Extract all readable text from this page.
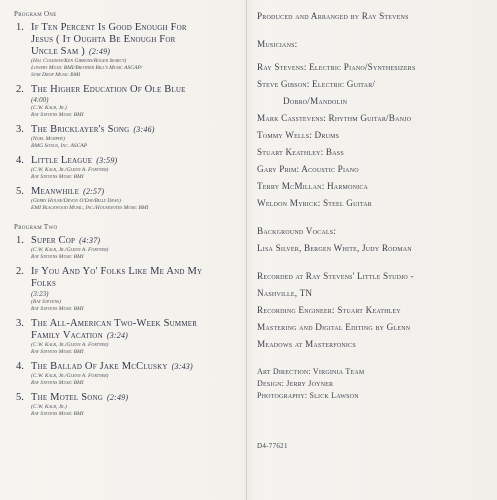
Program One
1. If Ten Percent Is Good Enough For
Jesus ( It Oughta Be Enough For
Uncle Sam ) (2:49)
(Hal Coleman/Ken Gibbons/Roger Searcy)
Lowery Music BMI/Brother Bill's Music ASCAP/
Star Drop Music BMI
2. The Higher Education Of Ole Blue
(4:00)
(C.W. Kalb, Jr.)
Ray Stevens Music BMI
3. The Bricklayer's Song (3:46)
(Noel Murphy)
BMG Songs, Inc. ASCAP
4. Little League (3:59)
(C.W. Kalb, Jr./Glenn A. Fortner)
Ray Stevens Music BMI
5. Meanwhile (2:57)
(Gerry House/Devon O'Day/Billy Dean)
EMI Blackwood Music, Inc./Housenotes Music BMI
Program Two
1. Super Cop (4:37)
(C.W. Kalb, Jr./Glenn A. Fortner)
Ray Stevens Music BMI
2. If You And Yo' Folks Like Me And My
Folks
(3:23)
(Ray Stevens)
Ray Stevens Music BMI
3. The All-American Two-Week Summer
Family Vacation (3:24)
(C.W. Kalb, Jr./Glenn A. Fortner)
Ray Stevens Music BMI
4. The Ballad Of Jake McClusky (3:43)
(C.W. Kalb, Jr./Glenn A. Fortner)
Ray Stevens Music BMI
5. The Motel Song (2:49)
(C.W. Kalb, Jr.)
Ray Stevens Music BMI
Produced and Arranged by Ray Stevens
Musicians:
Ray Stevens: Electric Piano/Synthesizers
Steve Gibson: Electric Guitar/
Dobro/Mandolin
Mark Casstevens: Rhythm Guitar/Banjo
Tommy Wells: Drums
Stuart Keathley: Bass
Gary Prim: Acoustic Piano
Terry McMillan: Harmonica
Weldon Myrick: Steel Guitar
Background Vocals:
Lisa Silver, Bergen White, Judy Rodman
Recorded at Ray Stevens' Little Studio -
Nashville, TN
Recording Engineer: Stuart Keathley
Mastering and Digital Editing by Glenn
Meadows at Masterfonics
Art Direction: Virginia Team
Design: Jerry Joyner
Photography: Slick Lawson
D4-77621
